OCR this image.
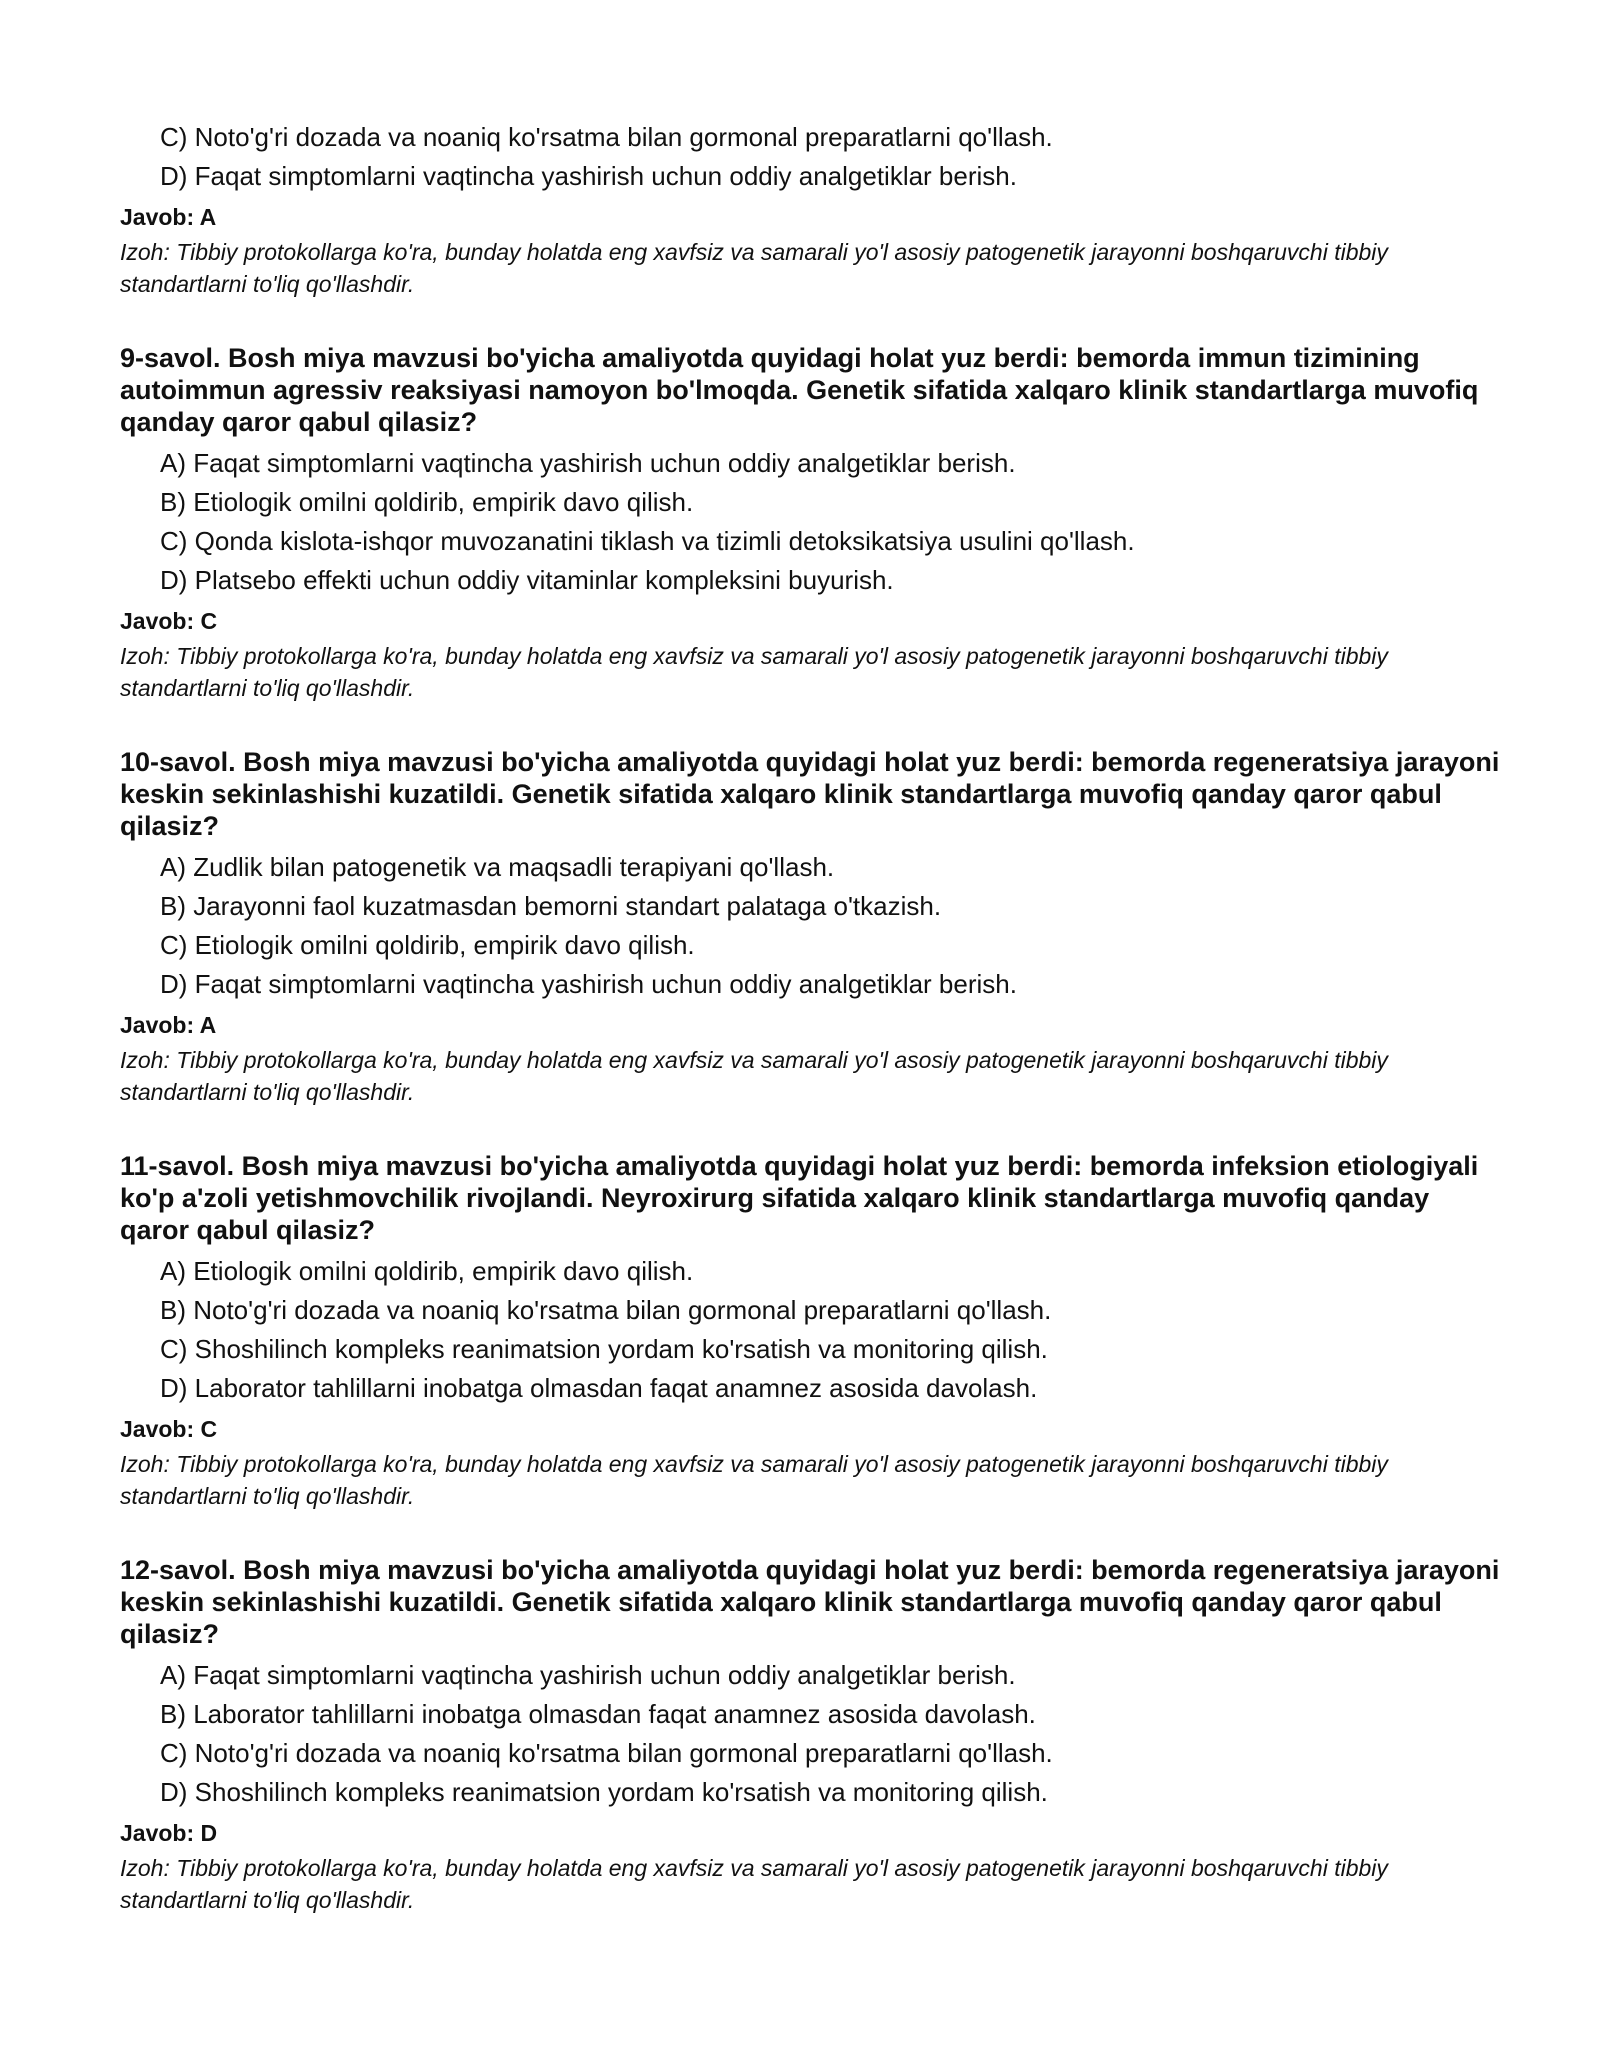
C) Noto'g'ri dozada va noaniq ko'rsatma bilan gormonal preparatlarni qo'llash.
D) Faqat simptomlarni vaqtincha yashirish uchun oddiy analgetiklar berish.
Javob: A
Izoh: Tibbiy protokollarga ko'ra, bunday holatda eng xavfsiz va samarali yo'l asosiy patogenetik jarayonni boshqaruvchi tibbiy standartlarni to'liq qo'llashdir.
9-savol. Bosh miya mavzusi bo'yicha amaliyotda quyidagi holat yuz berdi: bemorda immun tizimining autoimmun agressiv reaksiyasi namoyon bo'lmoqda. Genetik sifatida xalqaro klinik standartlarga muvofiq qanday qaror qabul qilasiz?
A) Faqat simptomlarni vaqtincha yashirish uchun oddiy analgetiklar berish.
B) Etiologik omilni qoldirib, empirik davo qilish.
C) Qonda kislota-ishqor muvozanatini tiklash va tizimli detoksikatsiya usulini qo'llash.
D) Platsebo effekti uchun oddiy vitaminlar kompleksini buyurish.
Javob: C
Izoh: Tibbiy protokollarga ko'ra, bunday holatda eng xavfsiz va samarali yo'l asosiy patogenetik jarayonni boshqaruvchi tibbiy standartlarni to'liq qo'llashdir.
10-savol. Bosh miya mavzusi bo'yicha amaliyotda quyidagi holat yuz berdi: bemorda regeneratsiya jarayoni keskin sekinlashishi kuzatildi. Genetik sifatida xalqaro klinik standartlarga muvofiq qanday qaror qabul qilasiz?
A) Zudlik bilan patogenetik va maqsadli terapiyani qo'llash.
B) Jarayonni faol kuzatmasdan bemorni standart palataga o'tkazish.
C) Etiologik omilni qoldirib, empirik davo qilish.
D) Faqat simptomlarni vaqtincha yashirish uchun oddiy analgetiklar berish.
Javob: A
Izoh: Tibbiy protokollarga ko'ra, bunday holatda eng xavfsiz va samarali yo'l asosiy patogenetik jarayonni boshqaruvchi tibbiy standartlarni to'liq qo'llashdir.
11-savol. Bosh miya mavzusi bo'yicha amaliyotda quyidagi holat yuz berdi: bemorda infeksion etiologiyali ko'p a'zoli yetishmovchilik rivojlandi. Neyroxirurg sifatida xalqaro klinik standartlarga muvofiq qanday qaror qabul qilasiz?
A) Etiologik omilni qoldirib, empirik davo qilish.
B) Noto'g'ri dozada va noaniq ko'rsatma bilan gormonal preparatlarni qo'llash.
C) Shoshilinch kompleks reanimatsion yordam ko'rsatish va monitoring qilish.
D) Laborator tahlillarni inobatga olmasdan faqat anamnez asosida davolash.
Javob: C
Izoh: Tibbiy protokollarga ko'ra, bunday holatda eng xavfsiz va samarali yo'l asosiy patogenetik jarayonni boshqaruvchi tibbiy standartlarni to'liq qo'llashdir.
12-savol. Bosh miya mavzusi bo'yicha amaliyotda quyidagi holat yuz berdi: bemorda regeneratsiya jarayoni keskin sekinlashishi kuzatildi. Genetik sifatida xalqaro klinik standartlarga muvofiq qanday qaror qabul qilasiz?
A) Faqat simptomlarni vaqtincha yashirish uchun oddiy analgetiklar berish.
B) Laborator tahlillarni inobatga olmasdan faqat anamnez asosida davolash.
C) Noto'g'ri dozada va noaniq ko'rsatma bilan gormonal preparatlarni qo'llash.
D) Shoshilinch kompleks reanimatsion yordam ko'rsatish va monitoring qilish.
Javob: D
Izoh: Tibbiy protokollarga ko'ra, bunday holatda eng xavfsiz va samarali yo'l asosiy patogenetik jarayonni boshqaruvchi tibbiy standartlarni to'liq qo'llashdir.
